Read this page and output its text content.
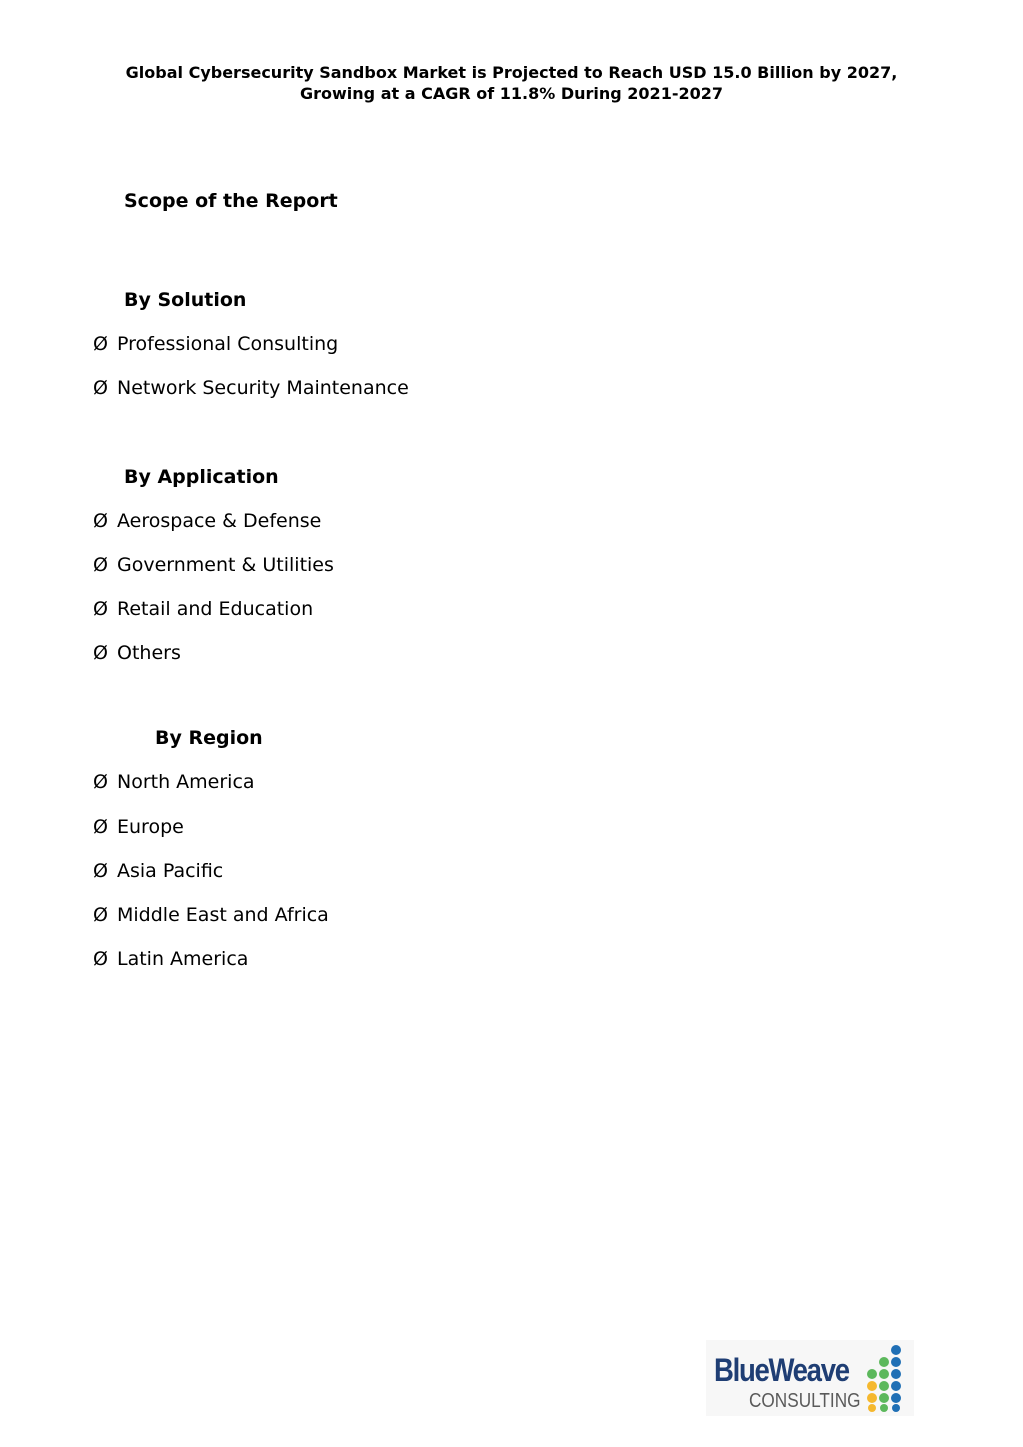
Global Cybersecurity Sandbox Market is Projected to Reach USD 15.0 Billion by 2027, Growing at a CAGR of 11.8% During 2021-2027
Scope of the Report
By Solution
Ø Professional Consulting
Ø Network Security Maintenance
By Application
Ø Aerospace & Defense
Ø Government & Utilities
Ø Retail and Education
Ø Others
By Region
Ø North America
Ø Europe
Ø Asia Pacific
Ø Middle East and Africa
Ø Latin America
BlueWeave
CONSULTING
